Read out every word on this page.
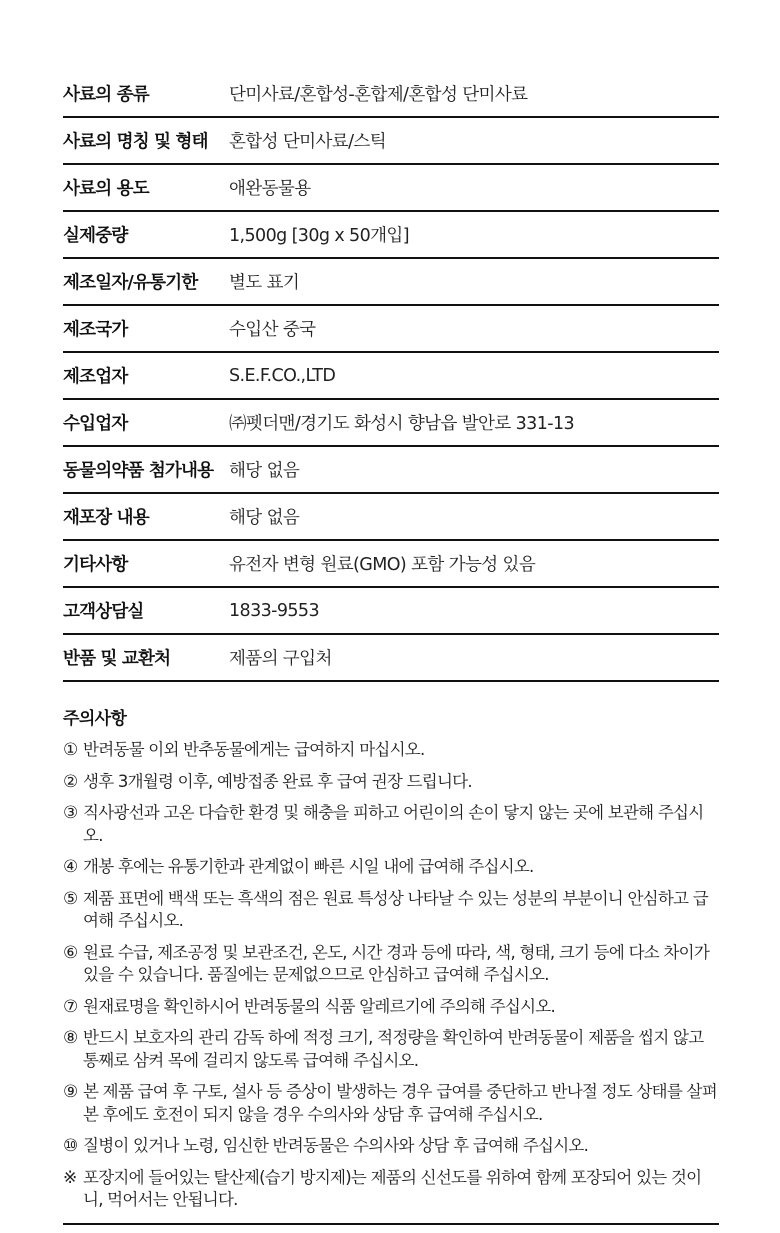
사료의 종류	단미사료/혼합성-혼합제/혼합성 단미사료
사료의 명칭 및 형태	혼합성 단미사료/스틱
사료의 용도	애완동물용
실제중량	1,500g [30g x 50개입]
제조일자/유통기한	별도 표기
제조국가	수입산 중국
제조업자	S.E.F.CO.,LTD
수입업자	㈜펫더맨/경기도 화성시 향남읍 발안로 331-13
동물의약품 첨가내용	해당 없음
재포장 내용	해당 없음
기타사항	유전자 변형 원료(GMO) 포함 가능성 있음
고객상담실	1833-9553
반품 및 교환처	제품의 구입처
주의사항
① 반려동물 이외 반추동물에게는 급여하지 마십시오.
② 생후 3개월령 이후, 예방접종 완료 후 급여 권장 드립니다.
③ 직사광선과 고온 다습한 환경 및 해충을 피하고 어린이의 손이 닿지 않는 곳에 보관해 주십시오.
④ 개봉 후에는 유통기한과 관계없이 빠른 시일 내에 급여해 주십시오.
⑤ 제품 표면에 백색 또는 흑색의 점은 원료 특성상 나타날 수 있는 성분의 부분이니 안심하고 급여해 주십시오.
⑥ 원료 수급, 제조공정 및 보관조건, 온도, 시간 경과 등에 따라, 색, 형태, 크기 등에 다소 차이가 있을 수 있습니다. 품질에는 문제없으므로 안심하고 급여해 주십시오.
⑦ 원재료명을 확인하시어 반려동물의 식품 알레르기에 주의해 주십시오.
⑧ 반드시 보호자의 관리 감독 하에 적정 크기, 적정량을 확인하여 반려동물이 제품을 씹지 않고 통째로 삼켜 목에 걸리지 않도록 급여해 주십시오.
⑨ 본 제품 급여 후 구토, 설사 등 증상이 발생하는 경우 급여를 중단하고 반나절 정도 상태를 살펴본 후에도 호전이 되지 않을 경우 수의사와 상담 후 급여해 주십시오.
⑩ 질병이 있거나 노령, 임신한 반려동물은 수의사와 상담 후 급여해 주십시오.
※ 포장지에 들어있는 탈산제(습기 방지제)는 제품의 신선도를 위하여 함께 포장되어 있는 것이니, 먹어서는 안됩니다.
